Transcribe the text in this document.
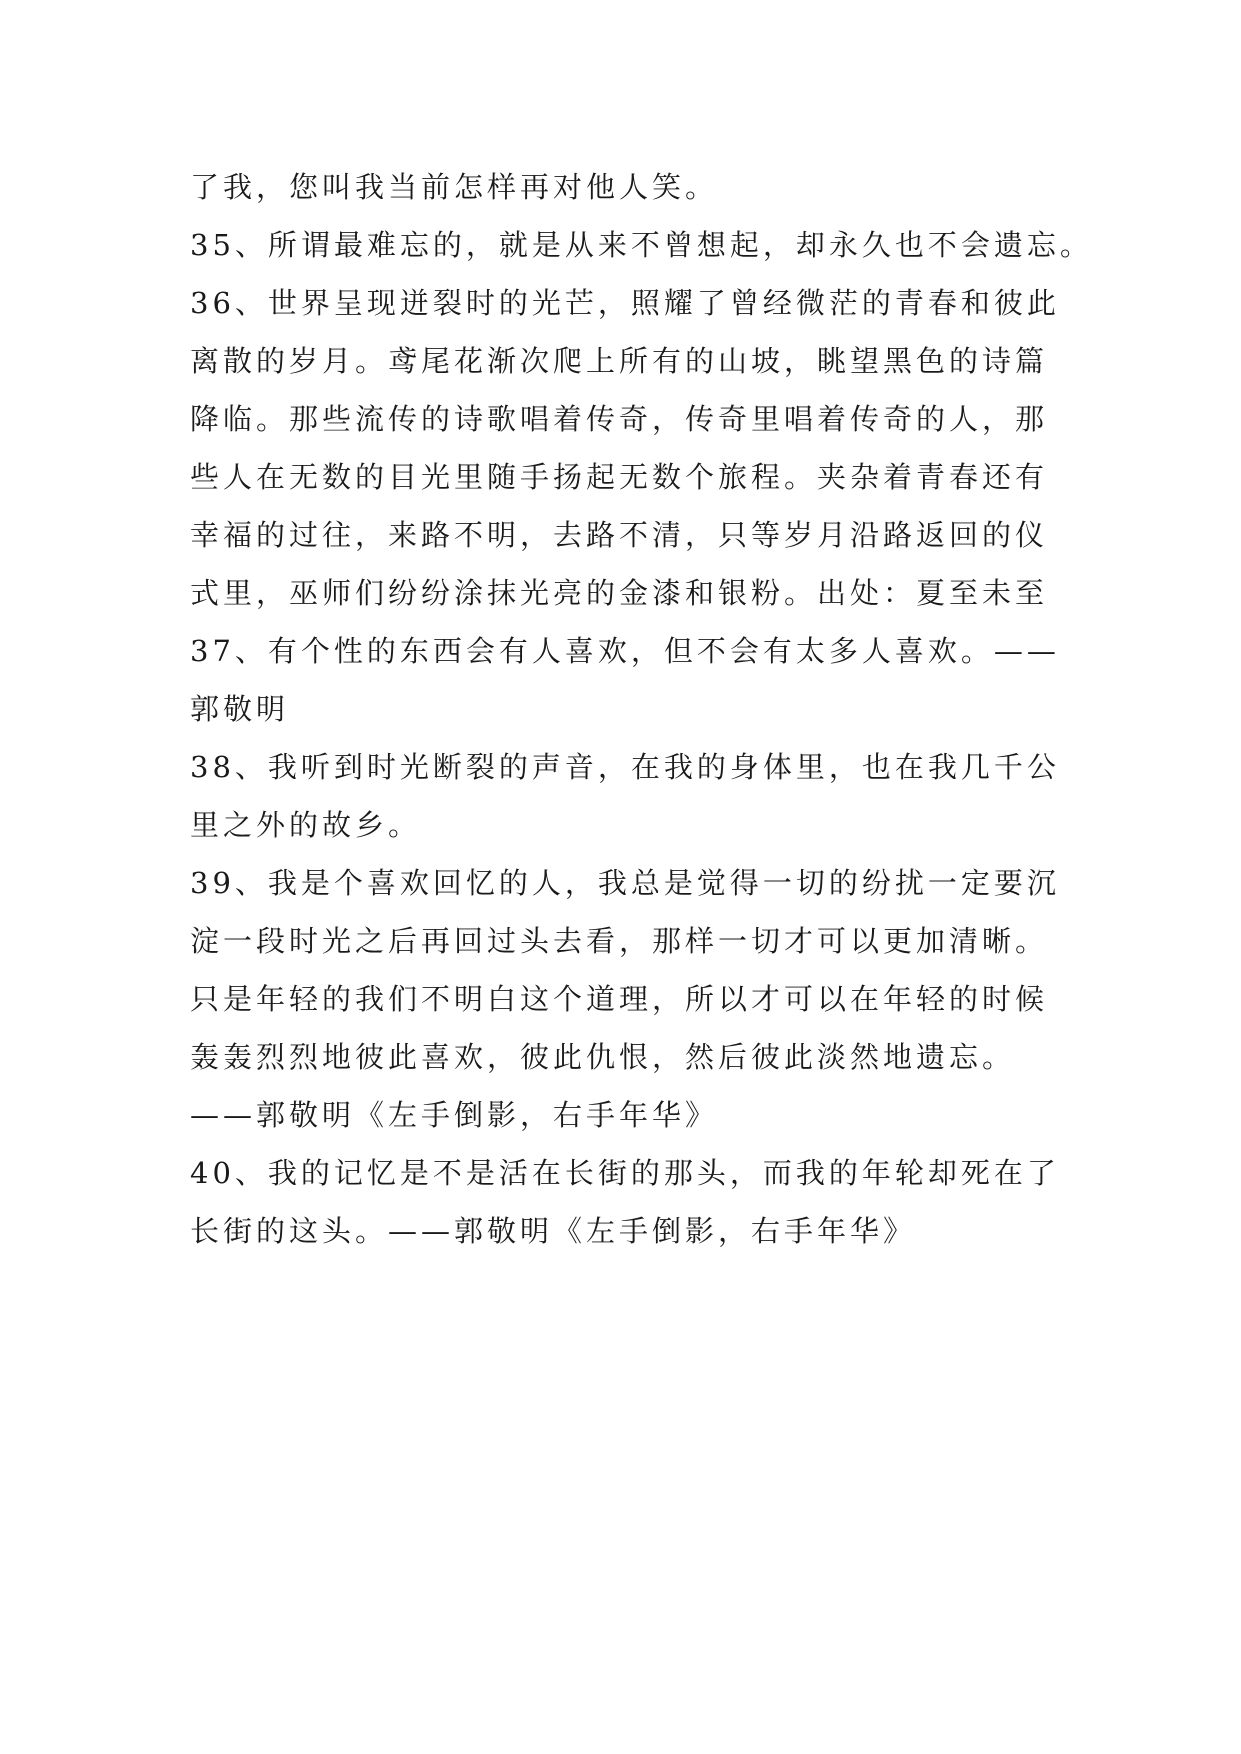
了我，您叫我当前怎样再对他人笑。
35、所谓最难忘的，就是从来不曾想起，却永久也不会遗忘。
36、世界呈现迸裂时的光芒，照耀了曾经微茫的青春和彼此
离散的岁月。鸢尾花渐次爬上所有的山坡，眺望黑色的诗篇
降临。那些流传的诗歌唱着传奇，传奇里唱着传奇的人，那
些人在无数的目光里随手扬起无数个旅程。夹杂着青春还有
幸福的过往，来路不明，去路不清，只等岁月沿路返回的仪
式里，巫师们纷纷涂抹光亮的金漆和银粉。出处：夏至未至
37、有个性的东西会有人喜欢，但不会有太多人喜欢。——
郭敬明
38、我听到时光断裂的声音，在我的身体里，也在我几千公
里之外的故乡。
39、我是个喜欢回忆的人，我总是觉得一切的纷扰一定要沉
淀一段时光之后再回过头去看，那样一切才可以更加清晰。
只是年轻的我们不明白这个道理，所以才可以在年轻的时候
轰轰烈烈地彼此喜欢，彼此仇恨，然后彼此淡然地遗忘。
——郭敬明《左手倒影，右手年华》
40、我的记忆是不是活在长街的那头，而我的年轮却死在了
长街的这头。——郭敬明《左手倒影，右手年华》
